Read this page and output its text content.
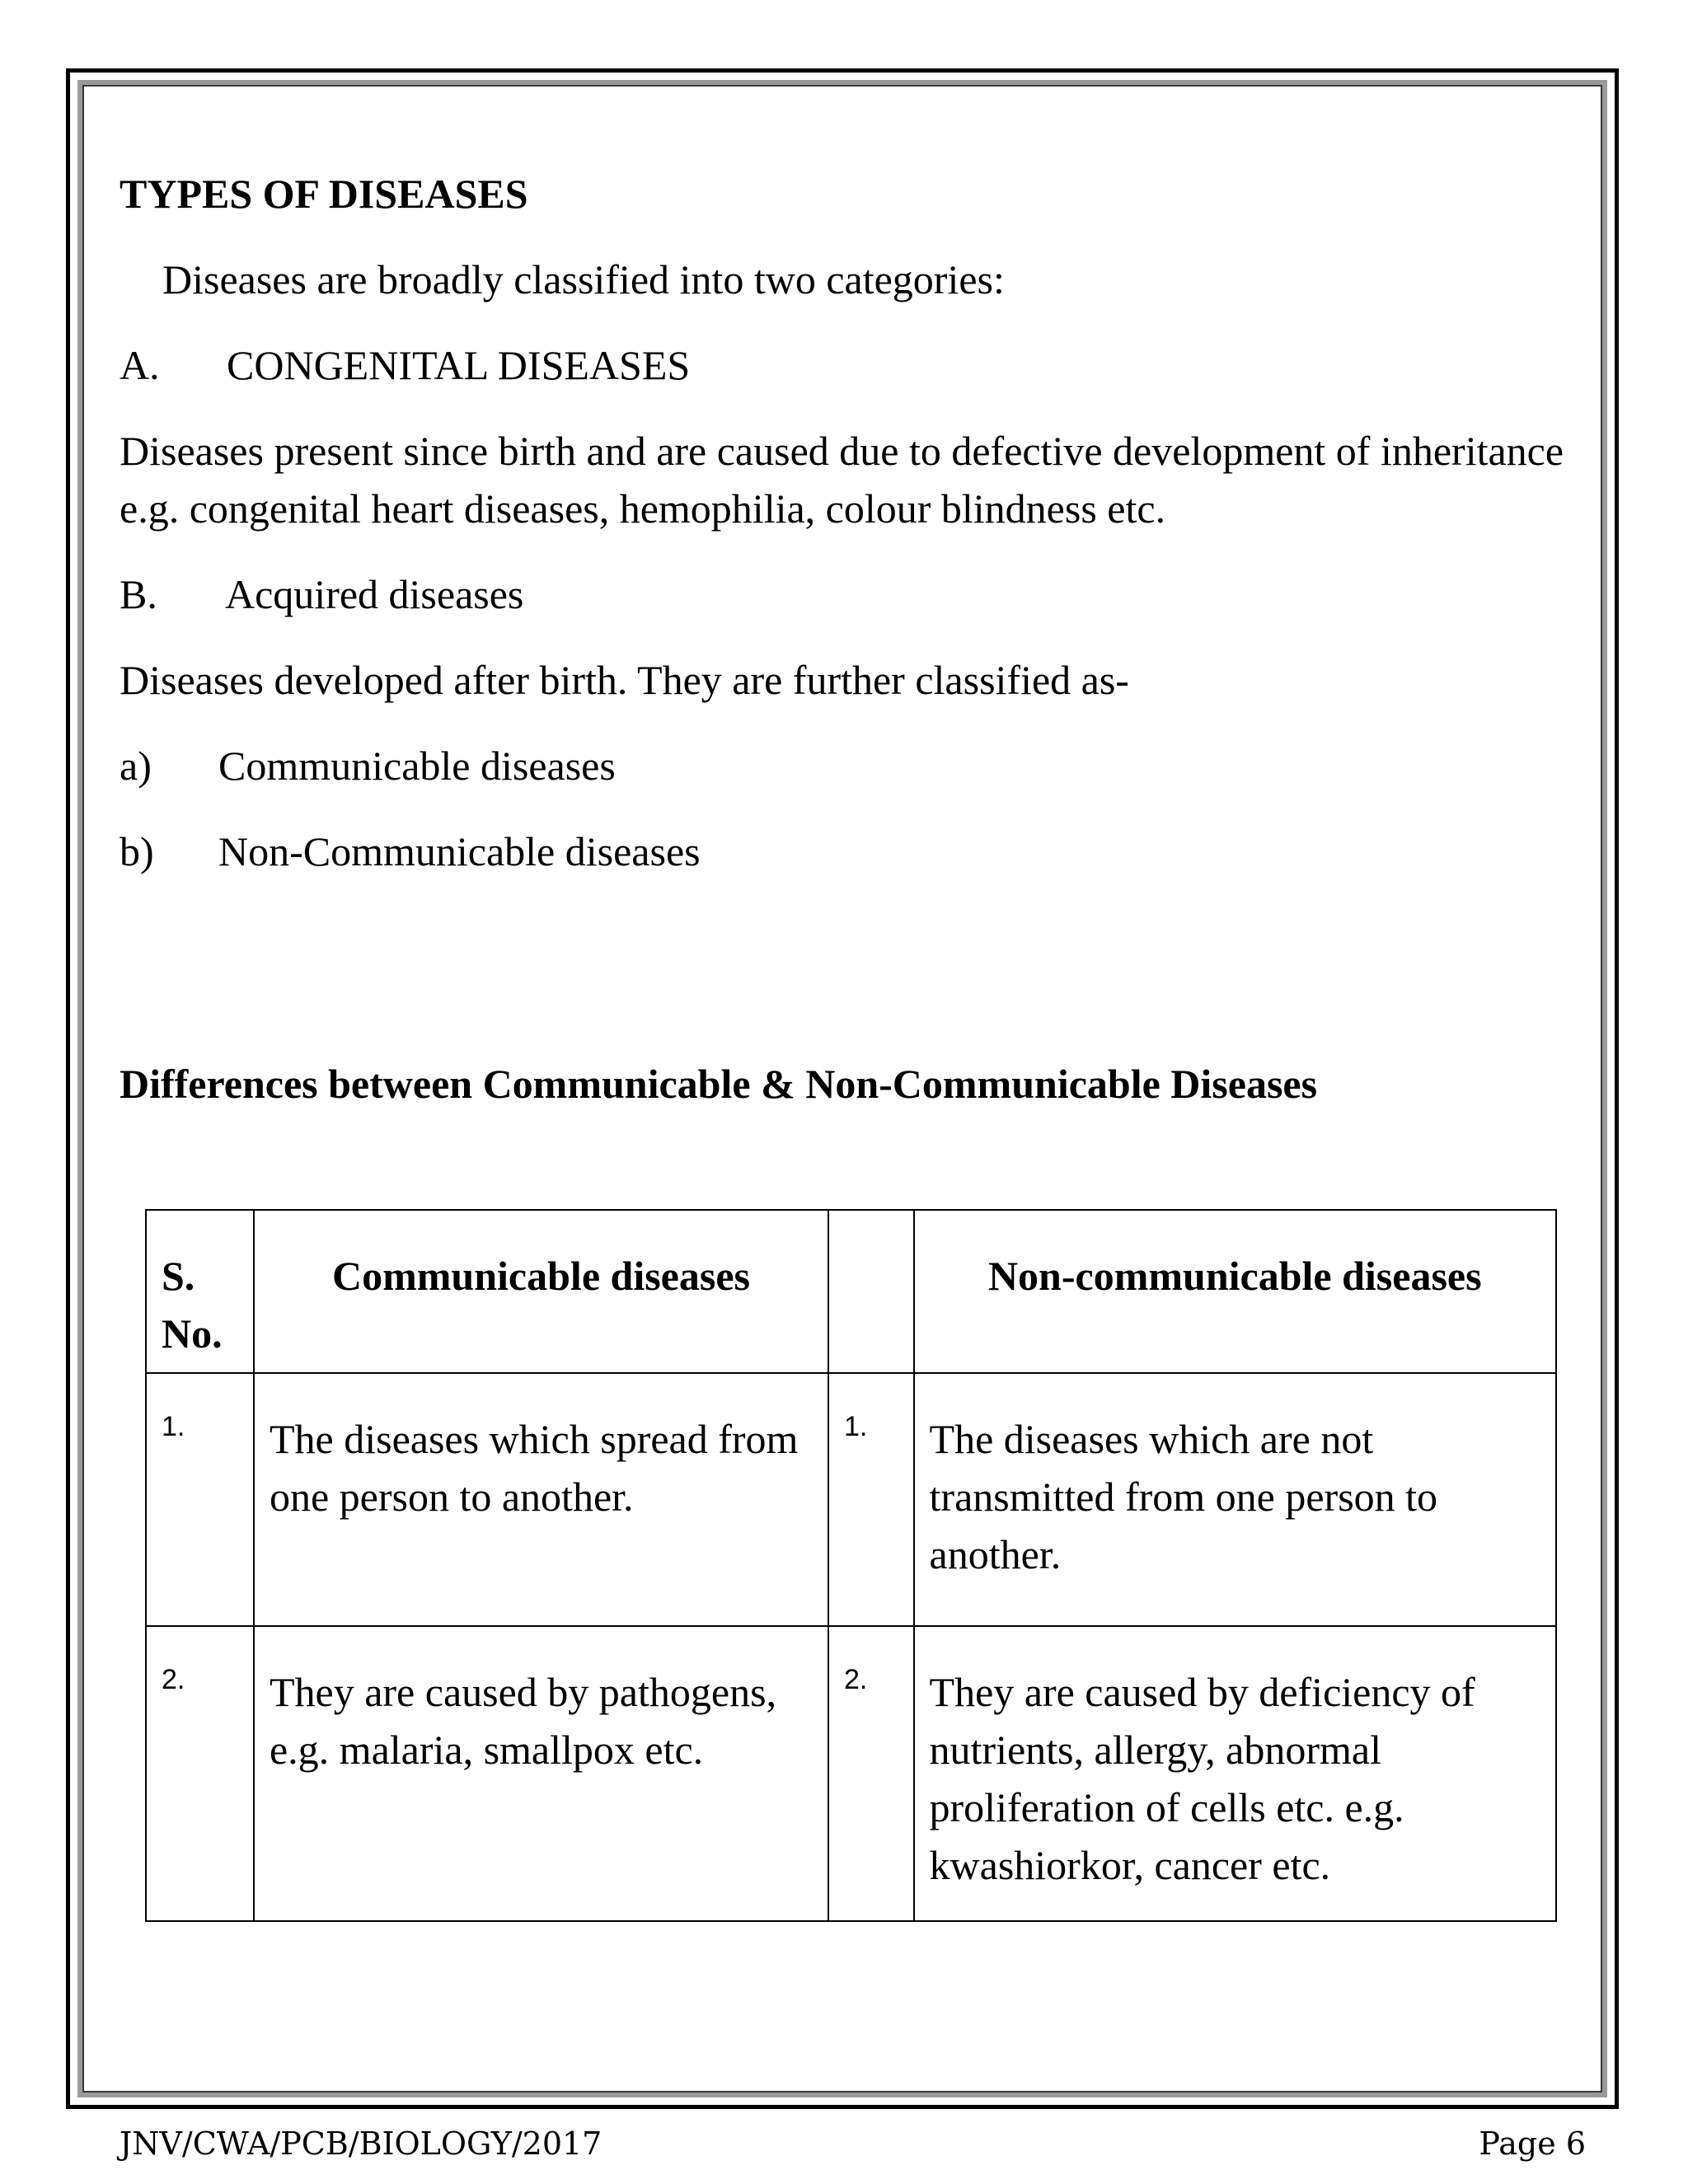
TYPES OF DISEASES

Diseases are broadly classified into two categories:

A.	CONGENITAL DISEASES

Diseases present since birth and are caused due to defective development of inheritance e.g. congenital heart diseases, hemophilia, colour blindness etc.

B.	Acquired diseases

Diseases developed after birth. They are further classified as-

a)	Communicable diseases

b)	Non-Communicable diseases

Differences between Communicable & Non-Communicable Diseases

S. No.	Communicable diseases		Non-communicable diseases
1.	The diseases which spread from one person to another.	1.	The diseases which are not transmitted from one person to another.
2.	They are caused by pathogens, e.g. malaria, smallpox etc.	2.	They are caused by deficiency of nutrients, allergy, abnormal proliferation of cells etc. e.g. kwashiorkor, cancer etc.
JNV/CWA/PCB/BIOLOGY/2017	Page 6
